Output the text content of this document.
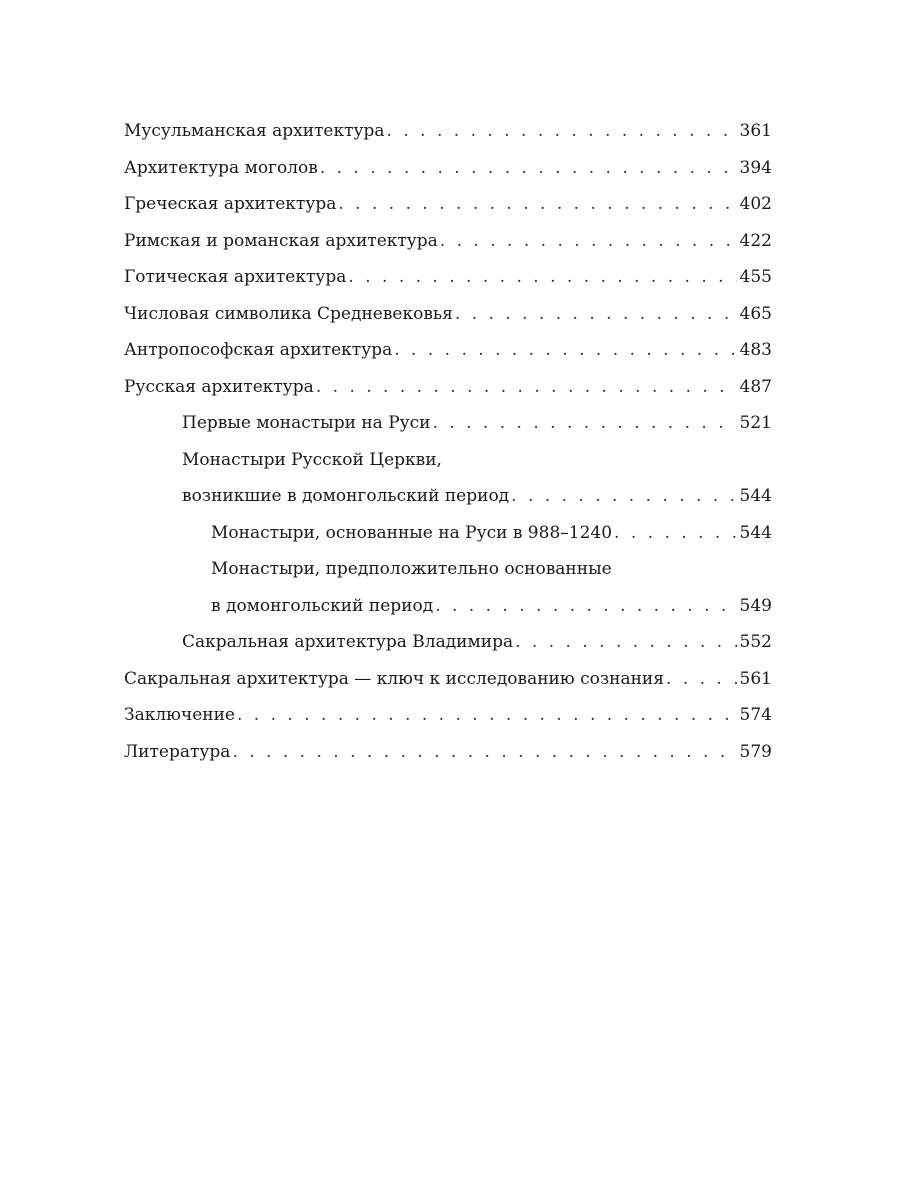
Мусульманская архитектура . . .	361
Архитектура моголов . . .	394
Греческая архитектура . . .	402
Римская и романская архитектура . . .	422
Готическая архитектура . . .	455
Числовая символика Средневековья . . .	465
Антропософская архитектура . . .	483
Русская архитектура . . .	487
Первые монастыри на Руси . . .	521
Монастыри Русской Церкви,
возникшие в домонгольский период . . .	544
Монастыри, основанные на Руси в 988–1240 . . .	544
Монастыри, предположительно основанные
в домонгольский период . . .	549
Сакральная архитектура Владимира . . .	552
Сакральная архитектура — ключ к исследованию сознания . . .	561
Заключение . . .	574
Литература . . .	579
